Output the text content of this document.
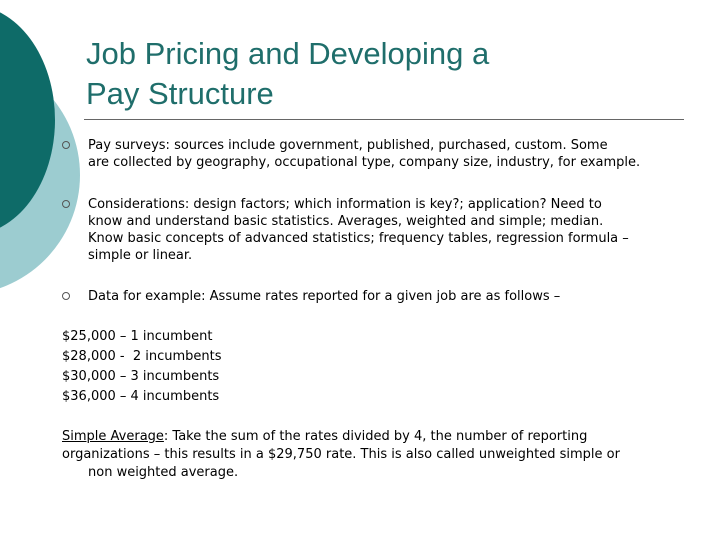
Job Pricing and Developing a
Pay Structure
Pay surveys: sources include government, published, purchased, custom. Some
are collected by geography, occupational type, company size, industry, for example.
Considerations: design factors; which information is key?; application? Need to
know and understand basic statistics. Averages, weighted and simple; median.
Know basic concepts of advanced statistics; frequency tables, regression formula –
simple or linear.
Data for example: Assume rates reported for a given job are as follows –
$25,000 – 1 incumbent
$28,000 -  2 incumbents
$30,000 – 3 incumbents
$36,000 – 4 incumbents
Simple Average: Take the sum of the rates divided by 4, the number of reporting
organizations – this results in a $29,750 rate. This is also called unweighted simple or
non weighted average.
